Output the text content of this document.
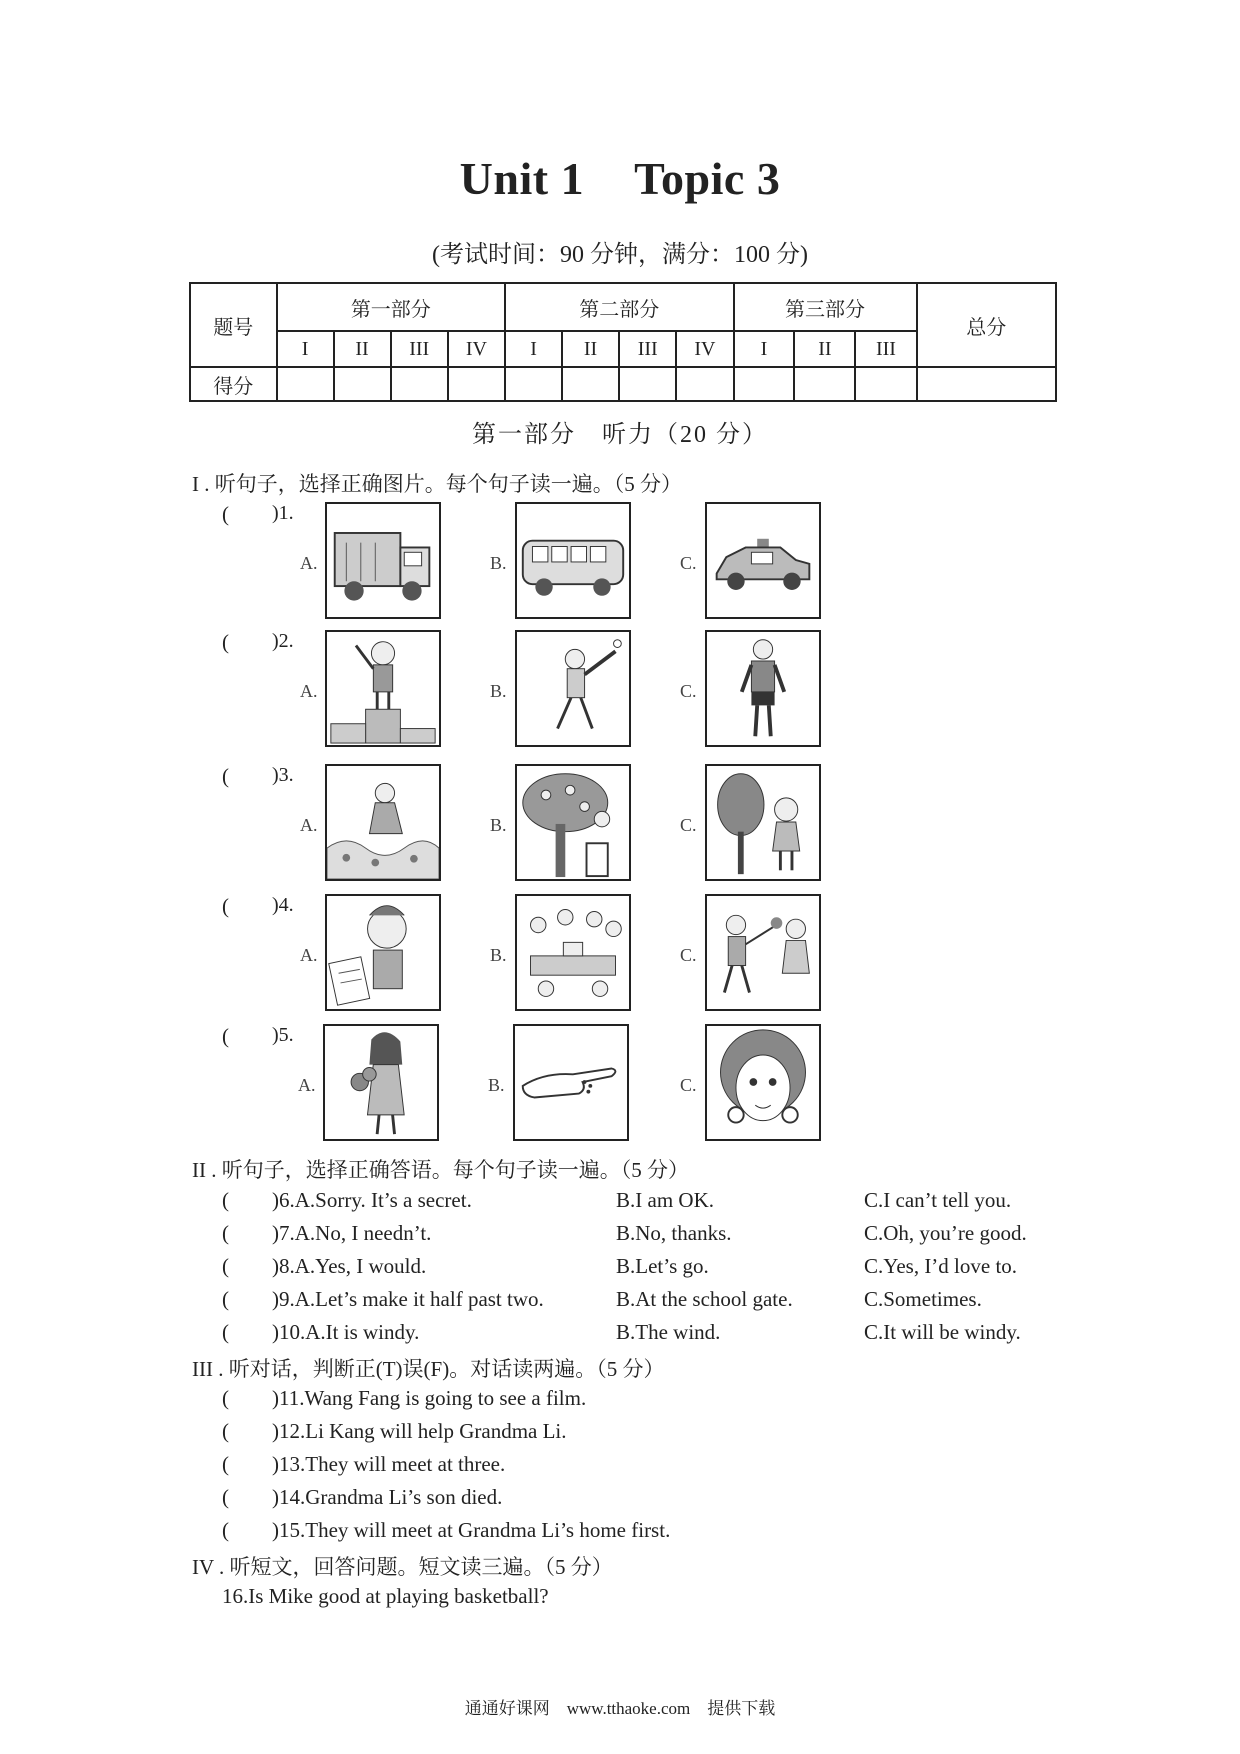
Unit 1 Topic 3
(考试时间：90 分钟，满分：100 分)
题号	第一部分				第二部分				第三部分			总分
	I	II	III	IV	I	II	III	IV	I	II	III	
得分												
第一部分　听力（20 分）
I . 听句子，选择正确图片。每个句子读一遍。（5 分）
( )1.
A.	B.	C.
( )2.
A.	B.	C.
( )3.
A.	B.	C.
( )4.
A.	B.	C.
( )5.
A.	B.	C.
II . 听句子，选择正确答语。每个句子读一遍。（5 分）
( )6.A.Sorry. It’s a secret.	B.I am OK.	C.I can’t tell you.
( )7.A.No, I needn’t.	B.No, thanks.	C.Oh, you’re good.
( )8.A.Yes, I would.	B.Let’s go.	C.Yes, I’d love to.
( )9.A.Let’s make it half past two.	B.At the school gate.	C.Sometimes.
( )10.A.It is windy.	B.The wind.	C.It will be windy.
III . 听对话，判断正(T)误(F)。对话读两遍。（5 分）
( )11.Wang Fang is going to see a film.
( )12.Li Kang will help Grandma Li.
( )13.They will meet at three.
( )14.Grandma Li’s son died.
( )15.They will meet at Grandma Li’s home first.
IV . 听短文，回答问题。短文读三遍。（5 分）
16.Is Mike good at playing basketball?
通通好课网　www.tthaoke.com　提供下载
